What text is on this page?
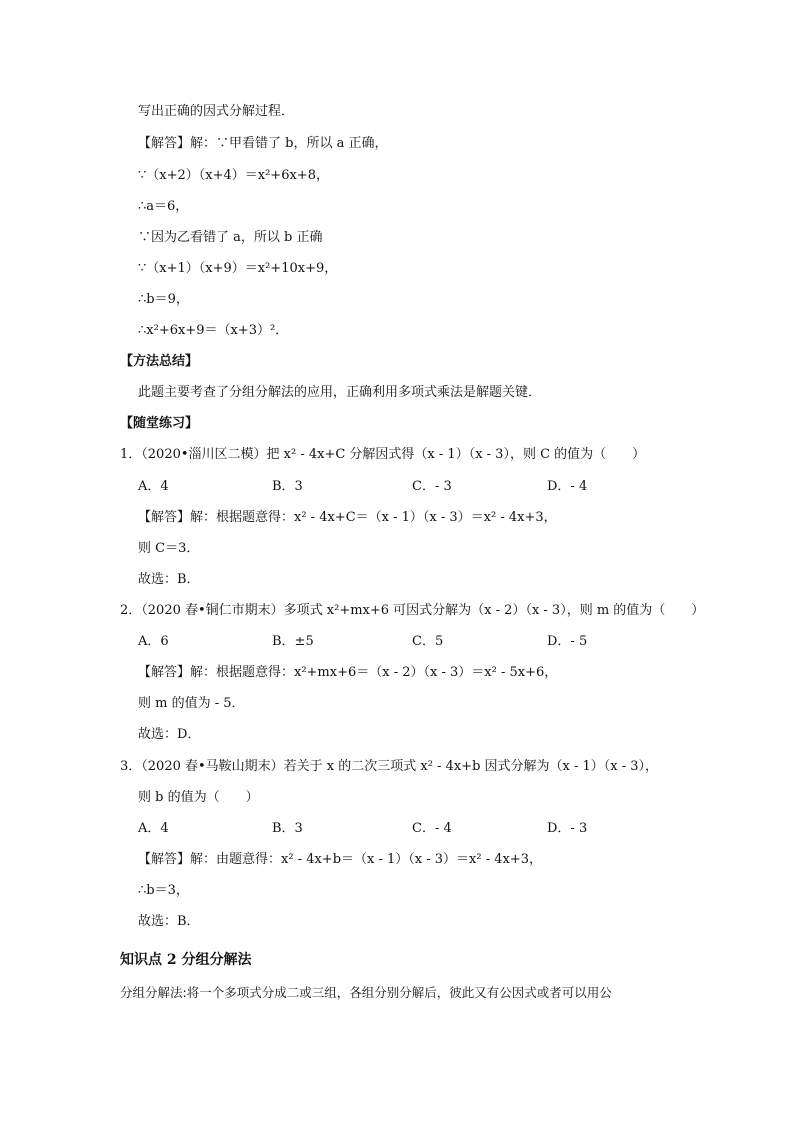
写出正确的因式分解过程．
【解答】解：∵甲看错了 b，所以 a 正确，
∵（x+2）（x+4）＝x²+6x+8，
∴a＝6，
∵因为乙看错了 a，所以 b 正确
∵（x+1）（x+9）＝x²+10x+9，
∴b＝9，
∴x²+6x+9＝（x+3）²．
【方法总结】
此题主要考查了分组分解法的应用，正确利用多项式乘法是解题关键．
【随堂练习】
1．（2020•淄川区二模）把 x² - 4x+C 分解因式得（x - 1）（x - 3），则 C 的值为（　　）
A．4	B．3	C．- 3	D．- 4
【解答】解：根据题意得：x² - 4x+C＝（x - 1）（x - 3）＝x² - 4x+3，
则 C＝3．
故选：B．
2．（2020 春•铜仁市期末）多项式 x²+mx+6 可因式分解为（x - 2）（x - 3），则 m 的值为（　　）
A．6	B．±5	C．5	D．- 5
【解答】解：根据题意得：x²+mx+6＝（x - 2）（x - 3）＝x² - 5x+6，
则 m 的值为 - 5．
故选：D．
3．（2020 春•马鞍山期末）若关于 x 的二次三项式 x² - 4x+b 因式分解为（x - 1）（x - 3），
则 b 的值为（　　）
A．4	B．3	C．- 4	D．- 3
【解答】解：由题意得：x² - 4x+b＝（x - 1）（x - 3）＝x² - 4x+3，
∴b＝3，
故选：B．
知识点 2 分组分解法
分组分解法:将一个多项式分成二或三组，各组分别分解后，彼此又有公因式或者可以用公
